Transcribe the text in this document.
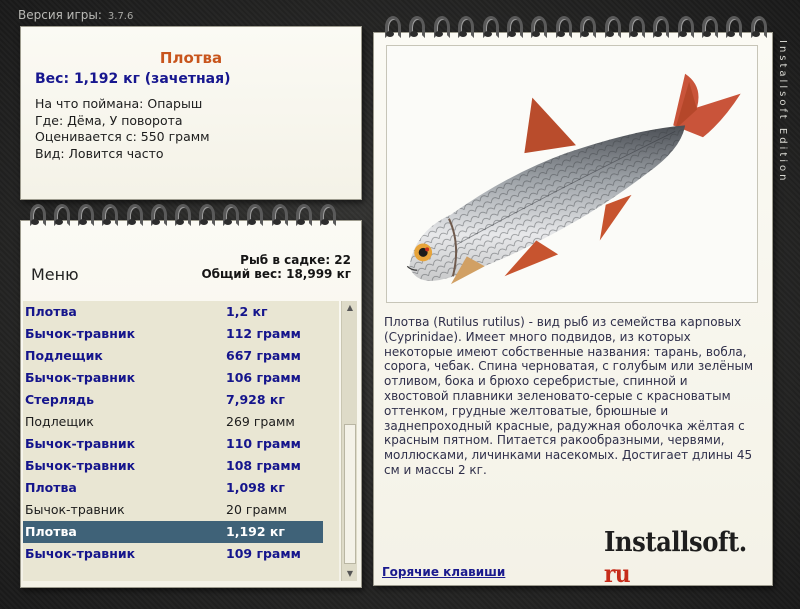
Версия игры: 3.7.6
Плотва
Вес: 1,192 кг (зачетная)
На что поймана: Опарыш
Где: Дёма, У поворота
Оценивается с: 550 грамм
Вид: Ловится часто
Меню
Рыб в садке: 22
Общий вес: 18,999 кг
Плотва	1,2 кг
Бычок-травник	112 грамм
Подлещик	667 грамм
Бычок-травник	106 грамм
Стерлядь	7,928 кг
Подлещик	269 грамм
Бычок-травник	110 грамм
Бычок-травник	108 грамм
Плотва	1,098 кг
Бычок-травник	20 грамм
Плотва	1,192 кг
Бычок-травник	109 грамм
▲
▼
Плотва (Rutilus rutilus) - вид рыб из семейства карповых (Cyprinidae). Имеет много подвидов, из которых некоторые имеют собственные названия: тарань, вобла, сорога, чебак. Спина черноватая, с голубым или зелёным отливом, бока и брюхо серебристые, спинной и хвостовой плавники зеленовато-серые с красноватым оттенком, грудные желтоватые, брюшные и заднепроходный красные, радужная оболочка жёлтая с красным пятном. Питается ракообразными, червями, моллюсками, личинками насекомых. Достигает длины 45 см и массы 2 кг.
Installsoft. ru
Горячие клавиши
Installsoft Edition
